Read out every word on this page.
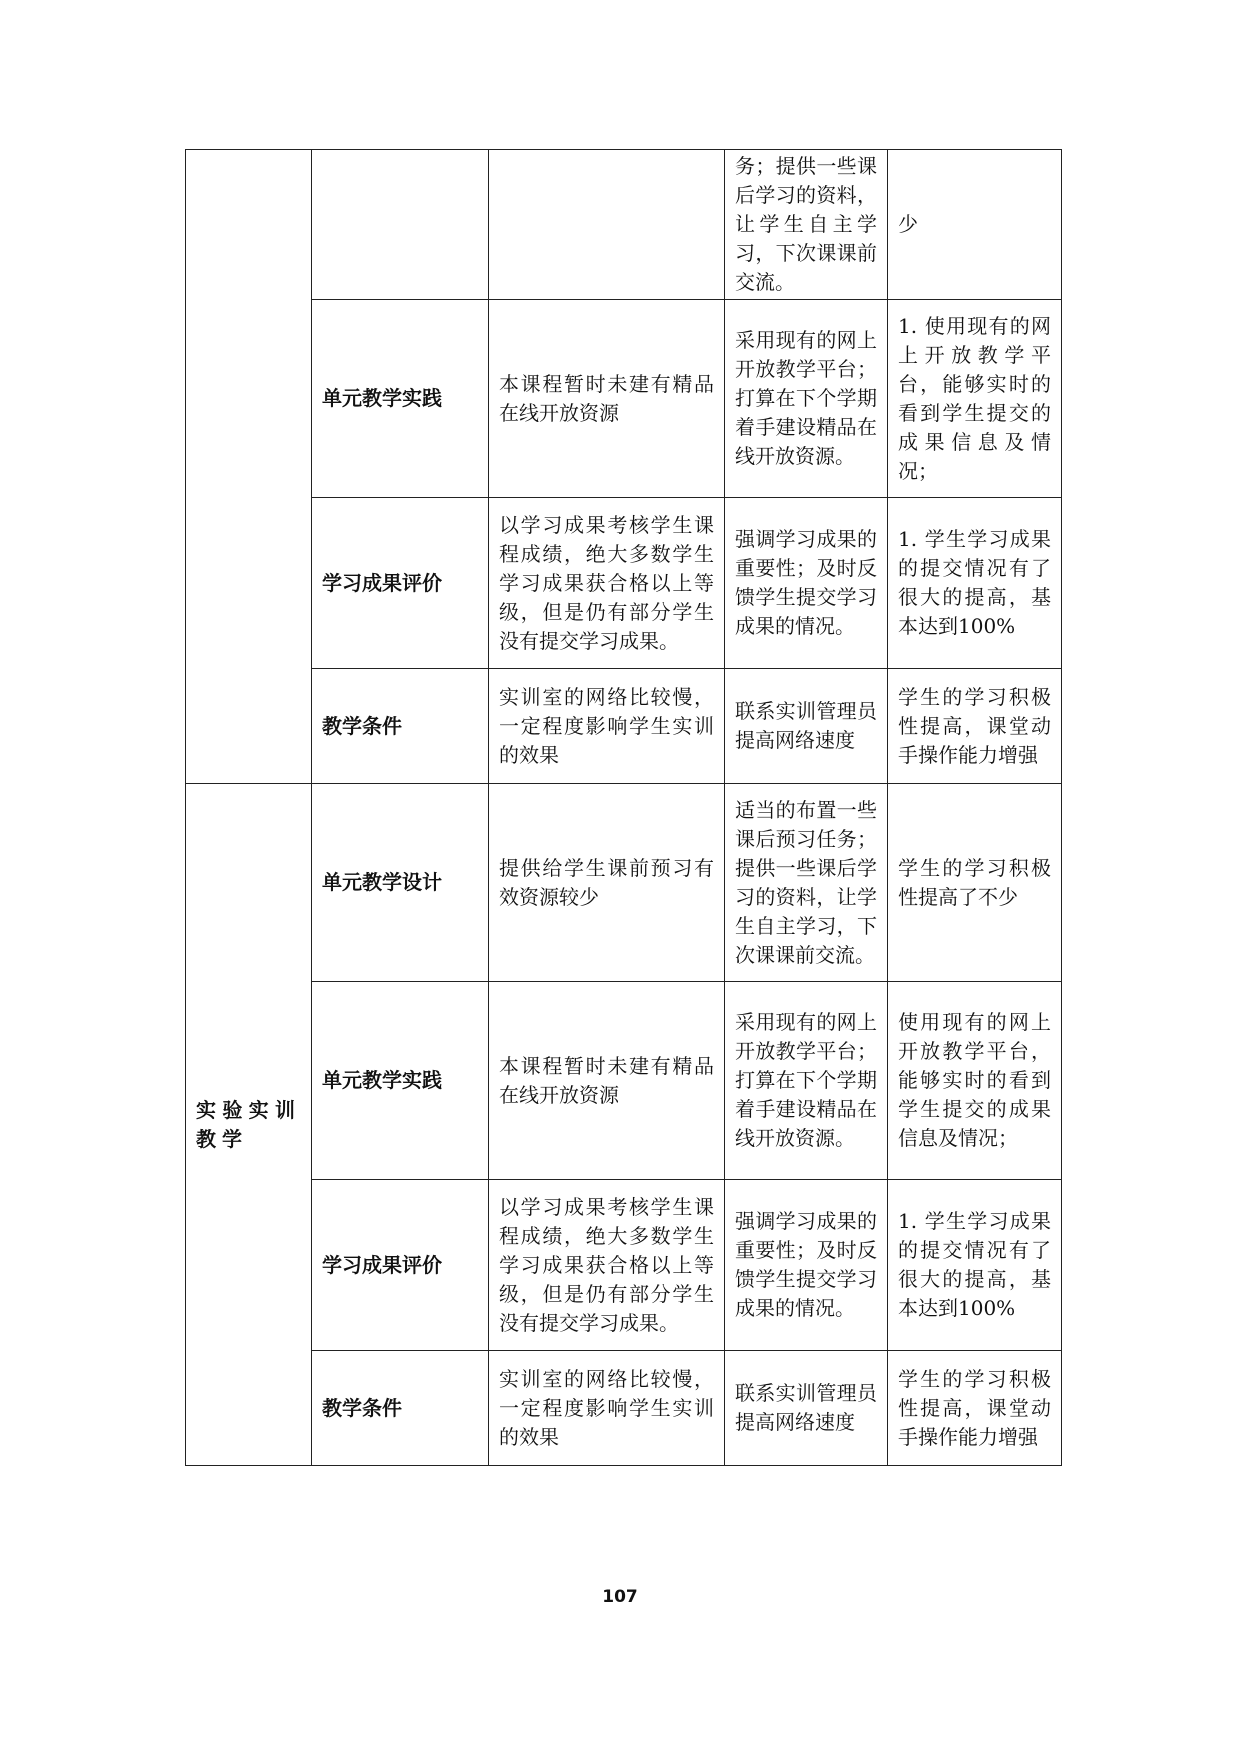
			务；提供一些课后学习的资料，让学生自主学习，下次课课前交流。	少
	单元教学实践	本课程暂时未建有精品在线开放资源	采用现有的网上开放教学平台；打算在下个学期着手建设精品在线开放资源。	1. 使用现有的网上开放教学平台，能够实时的看到学生提交的成果信息及情况；
	学习成果评价	以学习成果考核学生课程成绩，绝大多数学生学习成果获合格以上等级，但是仍有部分学生没有提交学习成果。	强调学习成果的重要性；及时反馈学生提交学习成果的情况。	1. 学生学习成果的提交情况有了很大的提高，基本达到100%
	教学条件	实训室的网络比较慢，一定程度影响学生实训的效果	联系实训管理员提高网络速度	学生的学习积极性提高，课堂动手操作能力增强
实验实训教学	单元教学设计	提供给学生课前预习有效资源较少	适当的布置一些课后预习任务；提供一些课后学习的资料，让学生自主学习，下次课课前交流。	学生的学习积极性提高了不少
	单元教学实践	本课程暂时未建有精品在线开放资源	采用现有的网上开放教学平台；打算在下个学期着手建设精品在线开放资源。	使用现有的网上开放教学平台，能够实时的看到学生提交的成果信息及情况；
	学习成果评价	以学习成果考核学生课程成绩，绝大多数学生学习成果获合格以上等级，但是仍有部分学生没有提交学习成果。	强调学习成果的重要性；及时反馈学生提交学习成果的情况。	1. 学生学习成果的提交情况有了很大的提高，基本达到100%
	教学条件	实训室的网络比较慢，一定程度影响学生实训的效果	联系实训管理员提高网络速度	学生的学习积极性提高，课堂动手操作能力增强
107
